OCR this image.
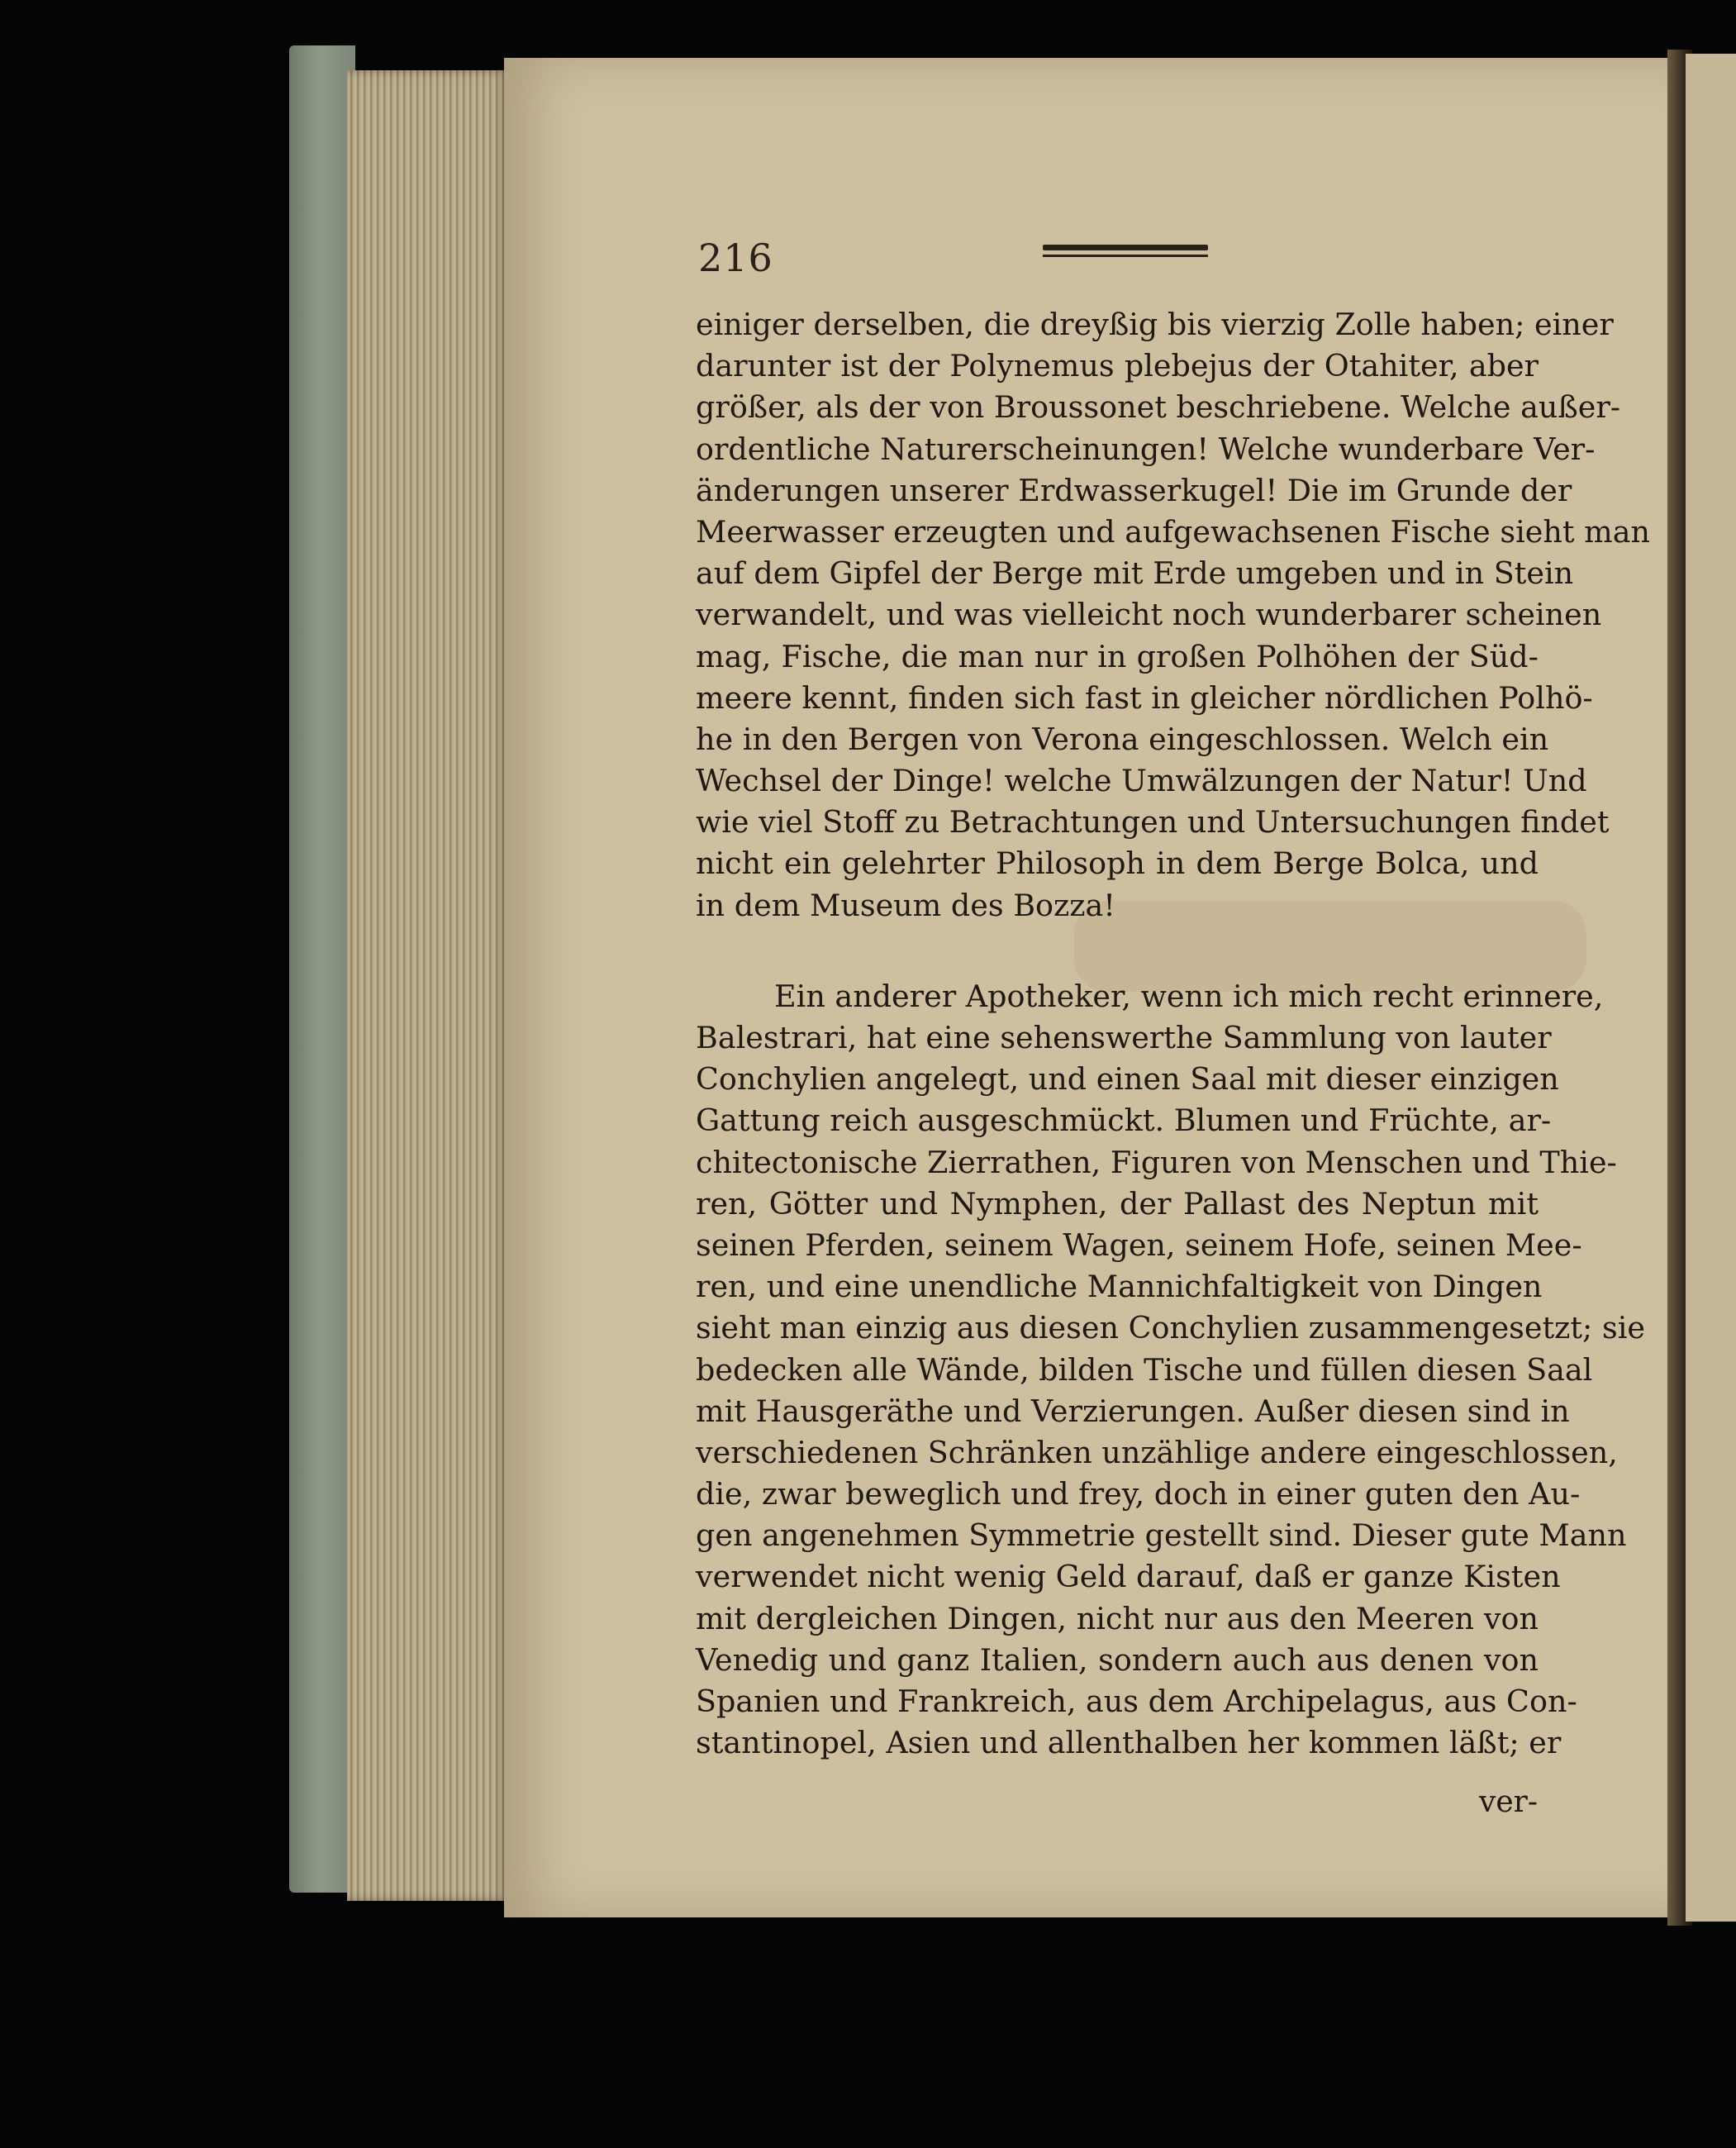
216
einiger derselben, die dreyßig bis vierzig Zolle haben; einer
darunter ist der Polynemus plebejus der Otahiter, aber
größer, als der von Broussonet beschriebene. Welche außer-
ordentliche Naturerscheinungen! Welche wunderbare Ver-
änderungen unserer Erdwasserkugel! Die im Grunde der
Meerwasser erzeugten und aufgewachsenen Fische sieht man
auf dem Gipfel der Berge mit Erde umgeben und in Stein
verwandelt, und was vielleicht noch wunderbarer scheinen
mag, Fische, die man nur in großen Polhöhen der Süd-
meere kennt, finden sich fast in gleicher nördlichen Polhö-
he in den Bergen von Verona eingeschlossen. Welch ein
Wechsel der Dinge! welche Umwälzungen der Natur! Und
wie viel Stoff zu Betrachtungen und Untersuchungen findet
nicht ein gelehrter Philosoph in dem Berge Bolca, und
in dem Museum des Bozza!
Ein anderer Apotheker, wenn ich mich recht erinnere,
Balestrari, hat eine sehenswerthe Sammlung von lauter
Conchylien angelegt, und einen Saal mit dieser einzigen
Gattung reich ausgeschmückt. Blumen und Früchte, ar-
chitectonische Zierrathen, Figuren von Menschen und Thie-
ren, Götter und Nymphen, der Pallast des Neptun mit
seinen Pferden, seinem Wagen, seinem Hofe, seinen Mee-
ren, und eine unendliche Mannichfaltigkeit von Dingen
sieht man einzig aus diesen Conchylien zusammengesetzt; sie
bedecken alle Wände, bilden Tische und füllen diesen Saal
mit Hausgeräthe und Verzierungen. Außer diesen sind in
verschiedenen Schränken unzählige andere eingeschlossen,
die, zwar beweglich und frey, doch in einer guten den Au-
gen angenehmen Symmetrie gestellt sind. Dieser gute Mann
verwendet nicht wenig Geld darauf, daß er ganze Kisten
mit dergleichen Dingen, nicht nur aus den Meeren von
Venedig und ganz Italien, sondern auch aus denen von
Spanien und Frankreich, aus dem Archipelagus, aus Con-
stantinopel, Asien und allenthalben her kommen läßt; er
ver-
